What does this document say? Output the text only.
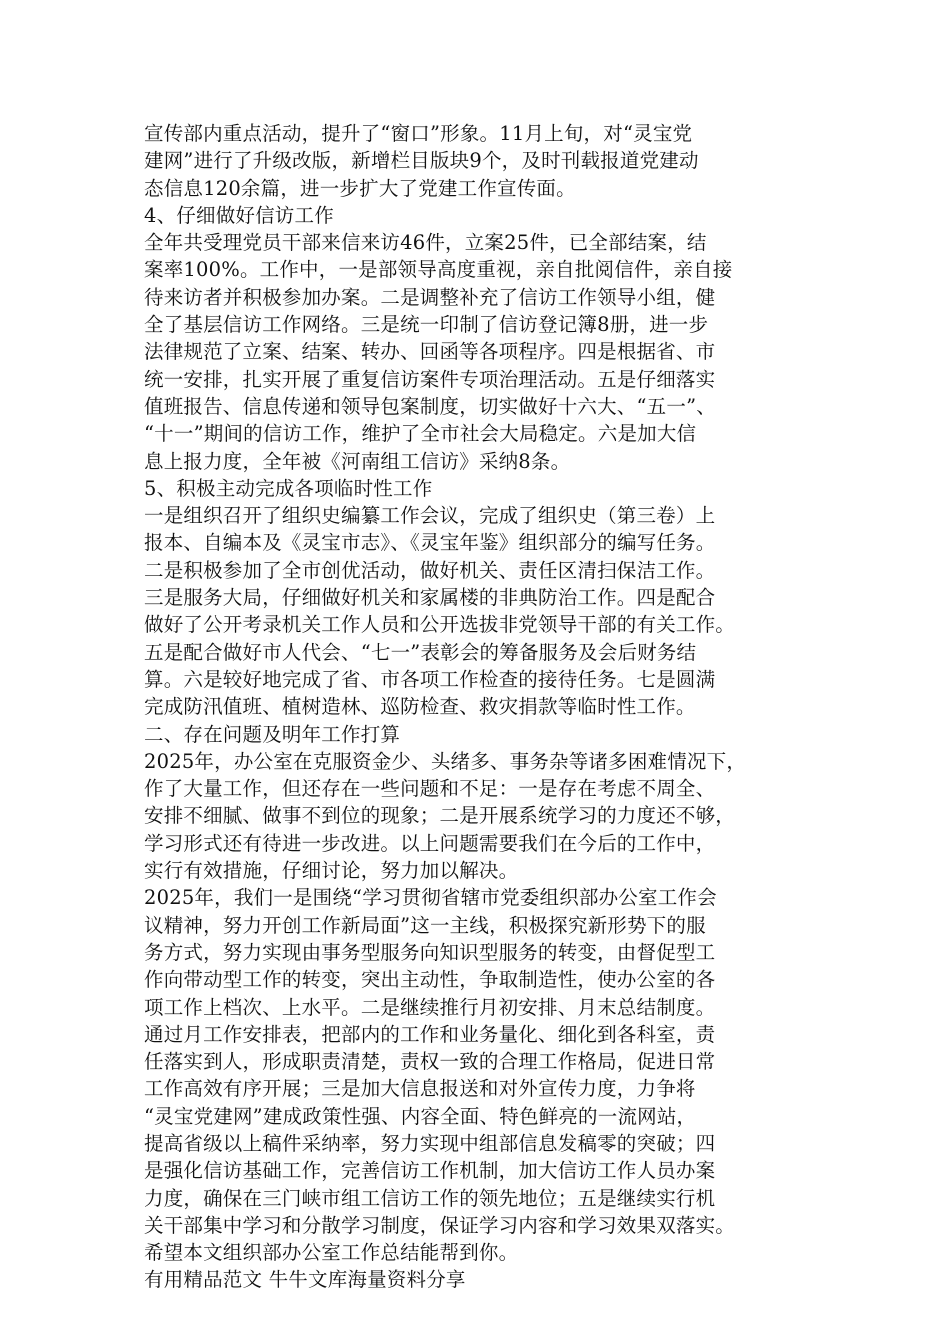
宣传部内重点活动，提升了“窗口”形象。11月上旬，对“灵宝党
建网”进行了升级改版，新增栏目版块9个，及时刊载报道党建动
态信息120余篇，进一步扩大了党建工作宣传面。
4、仔细做好信访工作
全年共受理党员干部来信来访46件，立案25件，已全部结案，结
案率100%。工作中，一是部领导高度重视，亲自批阅信件，亲自接
待来访者并积极参加办案。二是调整补充了信访工作领导小组，健
全了基层信访工作网络。三是统一印制了信访登记簿8册，进一步
法律规范了立案、结案、转办、回函等各项程序。四是根据省、市
统一安排，扎实开展了重复信访案件专项治理活动。五是仔细落实
值班报告、信息传递和领导包案制度，切实做好十六大、“五一”、
“十一”期间的信访工作，维护了全市社会大局稳定。六是加大信
息上报力度，全年被《河南组工信访》采纳8条。
5、积极主动完成各项临时性工作
一是组织召开了组织史编纂工作会议，完成了组织史（第三卷）上
报本、自编本及《灵宝市志》、《灵宝年鉴》组织部分的编写任务。
二是积极参加了全市创优活动，做好机关、责任区清扫保洁工作。
三是服务大局，仔细做好机关和家属楼的非典防治工作。四是配合
做好了公开考录机关工作人员和公开选拔非党领导干部的有关工作。
五是配合做好市人代会、“七一”表彰会的筹备服务及会后财务结
算。六是较好地完成了省、市各项工作检查的接待任务。七是圆满
完成防汛值班、植树造林、巡防检查、救灾捐款等临时性工作。
二、存在问题及明年工作打算
2025年，办公室在克服资金少、头绪多、事务杂等诸多困难情况下，
作了大量工作，但还存在一些问题和不足：一是存在考虑不周全、
安排不细腻、做事不到位的现象；二是开展系统学习的力度还不够，
学习形式还有待进一步改进。以上问题需要我们在今后的工作中，
实行有效措施，仔细讨论，努力加以解决。
2025年，我们一是围绕“学习贯彻省辖市党委组织部办公室工作会
议精神，努力开创工作新局面”这一主线，积极探究新形势下的服
务方式，努力实现由事务型服务向知识型服务的转变，由督促型工
作向带动型工作的转变，突出主动性，争取制造性，使办公室的各
项工作上档次、上水平。二是继续推行月初安排、月末总结制度。
通过月工作安排表，把部内的工作和业务量化、细化到各科室，责
任落实到人，形成职责清楚，责权一致的合理工作格局，促进日常
工作高效有序开展；三是加大信息报送和对外宣传力度，力争将
“灵宝党建网”建成政策性强、内容全面、特色鲜亮的一流网站，
提高省级以上稿件采纳率，努力实现中组部信息发稿零的突破；四
是强化信访基础工作，完善信访工作机制，加大信访工作人员办案
力度，确保在三门峡市组工信访工作的领先地位；五是继续实行机
关干部集中学习和分散学习制度，保证学习内容和学习效果双落实。
希望本文组织部办公室工作总结能帮到你。
有用精品范文 牛牛文库海量资料分享
